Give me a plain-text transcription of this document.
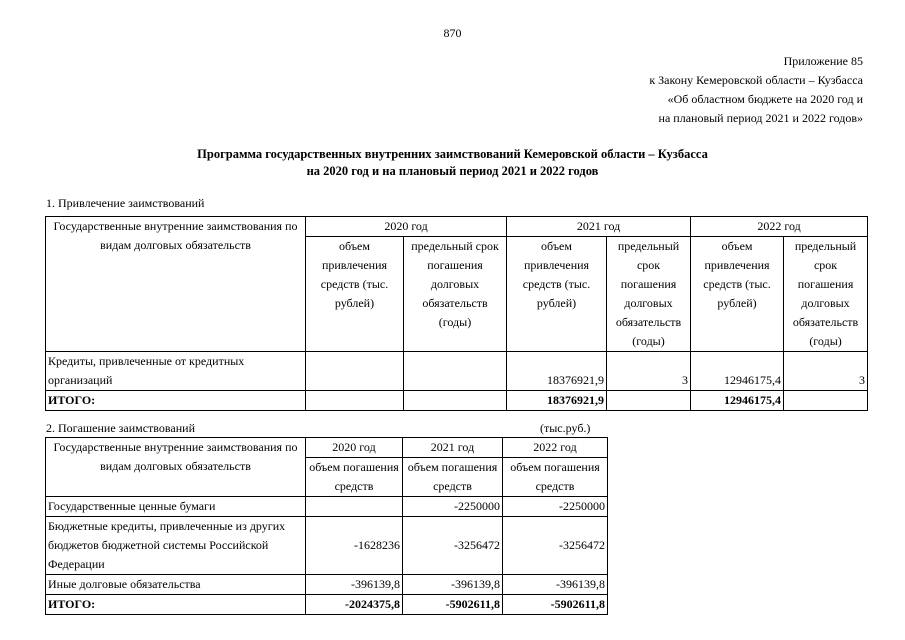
870
Приложение 85
к Закону Кемеровской области – Кузбасса
«Об областном бюджете на 2020 год и
на плановый период 2021 и 2022 годов»
Программа государственных внутренних заимствований Кемеровской области – Кузбасса
на 2020 год и на плановый период 2021 и 2022 годов
1. Привлечение заимствований
Государственные внутренние заимствования по видам долговых обязательств	2020 год		2021 год		2022 год	
	объем привлечения средств (тыс. рублей)	предельный срок погашения долговых обязательств (годы)	объем привлечения средств (тыс. рублей)	предельный срок погашения долговых обязательств (годы)	объем привлечения средств (тыс. рублей)	предельный срок погашения долговых обязательств (годы)
Кредиты, привлеченные от кредитных организаций			18376921,9	3	12946175,4	3
ИТОГО:			18376921,9		12946175,4	
2. Погашение заимствований	(тыс.руб.)
Государственные внутренние заимствования по видам долговых обязательств	2020 год	2021 год	2022 год
	объем погашения средств	объем погашения средств	объем погашения средств
Государственные ценные бумаги		-2250000	-2250000
Бюджетные кредиты, привлеченные из других бюджетов бюджетной системы Российской Федерации	-1628236	-3256472	-3256472
Иные долговые обязательства	-396139,8	-396139,8	-396139,8
ИТОГО:	-2024375,8	-5902611,8	-5902611,8
